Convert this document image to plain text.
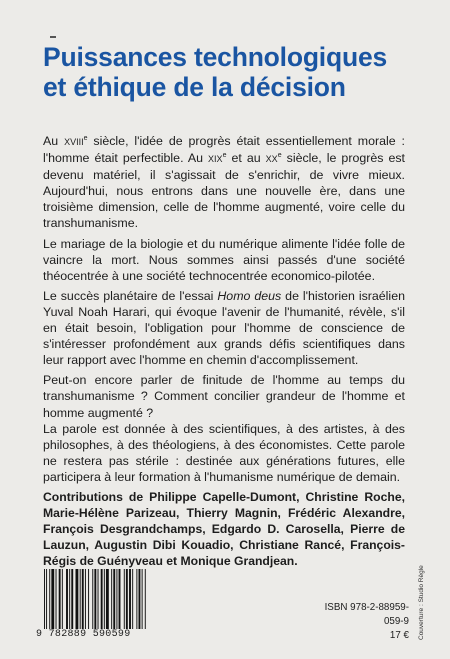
Puissances technologiques
et éthique de la décision

Au XVIIIe siècle, l'idée de progrès était essentiellement morale : l'homme était perfectible. Au XIXe et au XXe siècle, le progrès est devenu matériel, il s'agissait de s'enrichir, de vivre mieux. Aujourd'hui, nous entrons dans une nouvelle ère, dans une troisième dimension, celle de l'homme augmenté, voire celle du transhumanisme.

Le mariage de la biologie et du numérique alimente l'idée folle de vaincre la mort. Nous sommes ainsi passés d'une société théocentrée à une société technocentrée economico-pilotée.

Le succès planétaire de l'essai Homo deus de l'historien israélien Yuval Noah Harari, qui évoque l'avenir de l'humanité, révèle, s'il en était besoin, l'obligation pour l'homme de conscience de s'intéresser profondément aux grands défis scientifiques dans leur rapport avec l'homme en chemin d'accomplissement.

Peut-on encore parler de finitude de l'homme au temps du transhumanisme ? Comment concilier grandeur de l'homme et homme augmenté ?

La parole est donnée à des scientifiques, à des artistes, à des philosophes, à des théologiens, à des économistes. Cette parole ne restera pas stérile : destinée aux générations futures, elle participera à leur formation à l'humanisme numérique de demain.

Contributions de Philippe Capelle-Dumont, Christine Roche, Marie-Hélène Parizeau, Thierry Magnin, Frédéric Alexandre, François Desgrandchamps, Edgardo D. Carosella, Pierre de Lauzun, Augustin Dibi Kouadio, Christiane Rancé, François-Régis de Guényveau et Monique Grandjean.

Couverture : Studio Règle
9 782889 590599
ISBN 978-2-88959-059-9
17 €
